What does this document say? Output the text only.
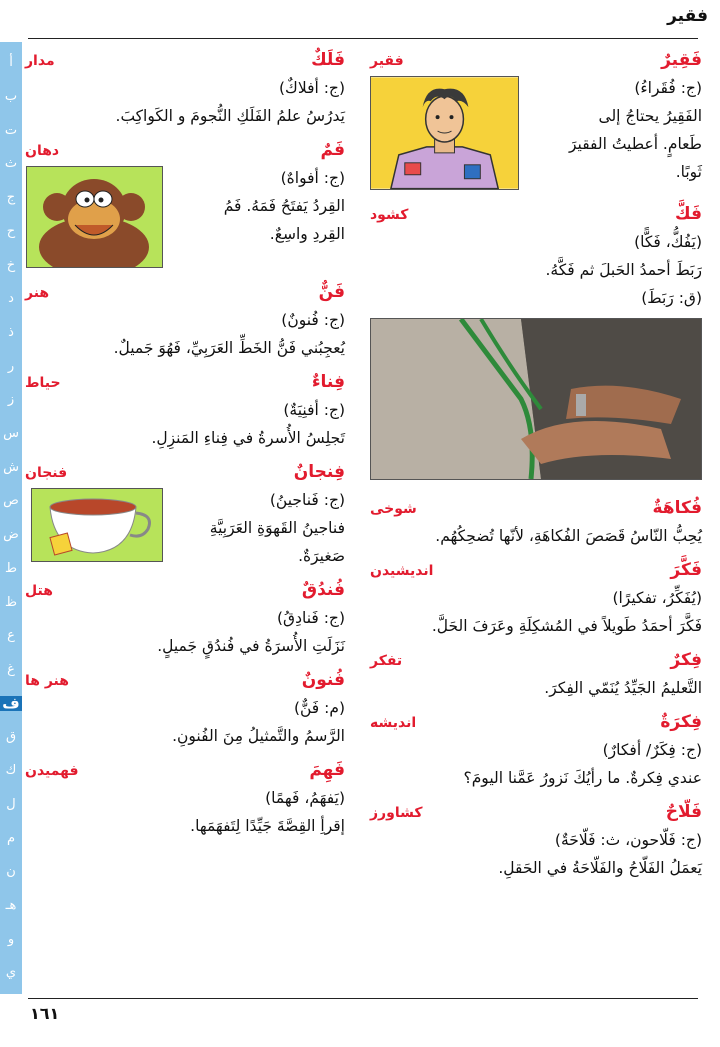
فقير
أ
ب
ت
ث
ج
ح
خ
د
ذ
ر
ز
س
ش
ص
ض
ط
ظ
ع
غ
ف
ق
ك
ل
م
ن
هـ
و
ي
فَقِيرٌ
فقير
(ج: فُقَراءُ)
الفَقِيرُ يحتاجُ إلى
طَعامٍ. أعطيتُ الفقيرَ
ثَوبًا.
فَكَّ
كشود
(يَفُكُّ، فَكًّا)
رَبَطَ أحمدُ الحَبلَ ثم فَكَّهُ.
(ق: رَبَطَ)
فُكاهَةٌ
شوخى
يُحِبُّ النّاسُ قَصَصَ الفُكاهَةِ، لأنّها تُضحِكُهُم.
فَكَّرَ
انديشيدن
(يُفَكِّرُ، تفكيرًا)
فَكَّرَ أحمَدُ طَويلاً في المُشكِلَةِ وعَرَفَ الحَلَّ.
فِكرٌ
تفكر
التَّعليمُ الجَيِّدُ يُنَمّي الفِكرَ.
فِكرَةٌ
انديشه
(ج: فِكَرٌ/ أفكارٌ)
عندي فِكرةٌ. ما رأيُكَ نَزورُ عَمَّنا اليومَ؟
فَلّاحٌ
كشاورز
(ج: فَلّاحون، ث: فَلّاحَةٌ)
يَعمَلُ الفَلّاحُ والفَلّاحَةُ في الحَقلِ.
فَلَكٌ
مدار
(ج: أفلاكٌ)
يَدرُسُ علمُ الفَلَكِ النُّجومَ و الكَواكِبَ.
فَمٌ
دهان
(ج: أفواهٌ)
القِردُ يَفتَحُ فَمَهُ. فَمُ
القِردِ واسِعٌ.
فَنٌّ
هنر
(ج: فُنونٌ)
يُعجِبُني فَنُّ الخَطِّ العَرَبِيِّ، فَهُوَ جَميلٌ.
فِناءٌ
حياط
(ج: أفنِيَةٌ)
تَجلِسُ الأُسرةُ في فِناءِ المَنزِلِ.
فِنجانٌ
فنجان
(ج: فَناجينُ)
فناجينُ القَهوَةِ العَرَبِيَّةِ
صَغيرَةٌ.
فُندُقٌ
هتل
(ج: فَنادِقُ)
نَزَلَتِ الأُسرَةُ في فُندُقٍ جَميلٍ.
فُنونٌ
هنر ها
(م: فَنٌّ)
الرَّسمُ والتَّمثيلُ مِنَ الفُنونِ.
فَهِمَ
فهميدن
(يَفهَمُ، فَهمًا)
إقرأِ القِصَّةَ جَيِّدًا لِتَفهَمَها.
١٦١
